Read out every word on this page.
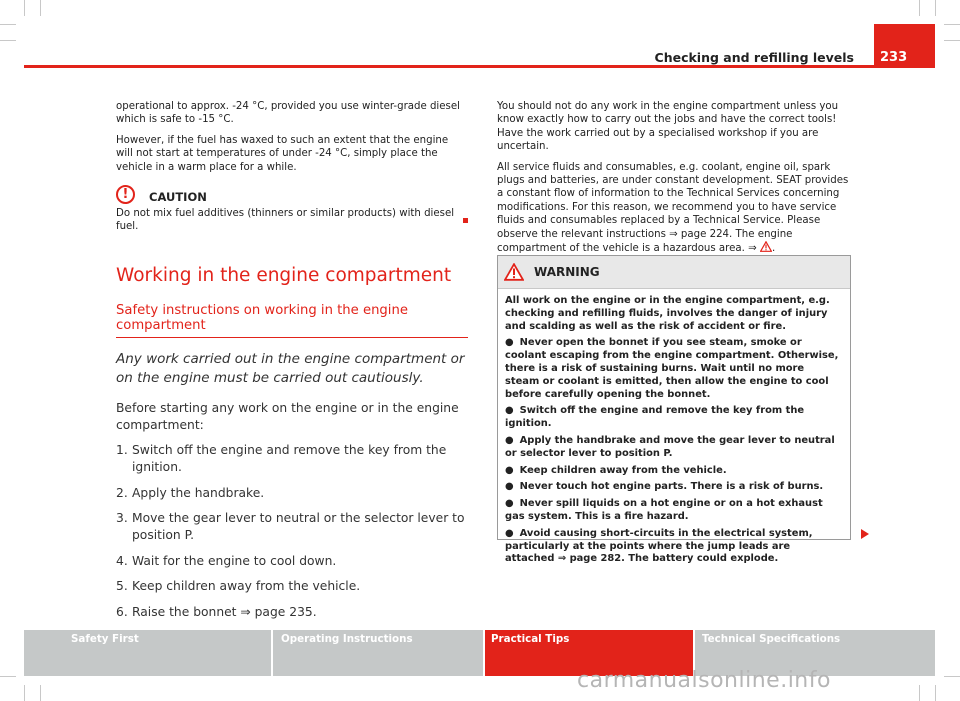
233
Checking and refilling levels

operational to approx. -24 °C, provided you use winter-grade diesel which is safe to -15 °C.

However, if the fuel has waxed to such an extent that the engine will not start at temperatures of under -24 °C, simply place the vehicle in a warm place for a while.

!	CAUTION

Do not mix fuel additives (thinners or similar products) with diesel fuel.

Working in the engine compartment
Safety instructions on working in the engine compartment

Any work carried out in the engine compartment or on the engine must be carried out cautiously.

Before starting any work on the engine or in the engine compartment:

1. Switch off the engine and remove the key from the ignition.
2. Apply the handbrake.
3. Move the gear lever to neutral or the selector lever to position P.
4. Wait for the engine to cool down.
5. Keep children away from the vehicle.
6. Raise the bonnet ⇒ page 235.

You should not do any work in the engine compartment unless you know exactly how to carry out the jobs and have the correct tools! Have the work carried out by a specialised workshop if you are uncertain.

All service fluids and consumables, e.g. coolant, engine oil, spark plugs and batteries, are under constant development. SEAT provides a constant flow of information to the Technical Services concerning modifications. For this reason, we recommend you to have service fluids and consumables replaced by a Technical Service. Please observe the relevant instructions ⇒ page 224. The engine compartment of the vehicle is a hazardous area. ⇒ .

WARNING

All work on the engine or in the engine compartment, e.g. checking and refilling fluids, involves the danger of injury and scalding as well as the risk of accident or fire.

● Never open the bonnet if you see steam, smoke or coolant escaping from the engine compartment. Otherwise, there is a risk of sustaining burns. Wait until no more steam or coolant is emitted, then allow the engine to cool before carefully opening the bonnet.

● Switch off the engine and remove the key from the ignition.

● Apply the handbrake and move the gear lever to neutral or selector lever to position P.

● Keep children away from the vehicle.

● Never touch hot engine parts. There is a risk of burns.

● Never spill liquids on a hot engine or on a hot exhaust gas system. This is a fire hazard.

● Avoid causing short-circuits in the electrical system, particularly at the points where the jump leads are attached ⇒ page 282. The battery could explode.

Safety First	Operating Instructions	Practical Tips	Technical Specifications
carmanualsonline.info
